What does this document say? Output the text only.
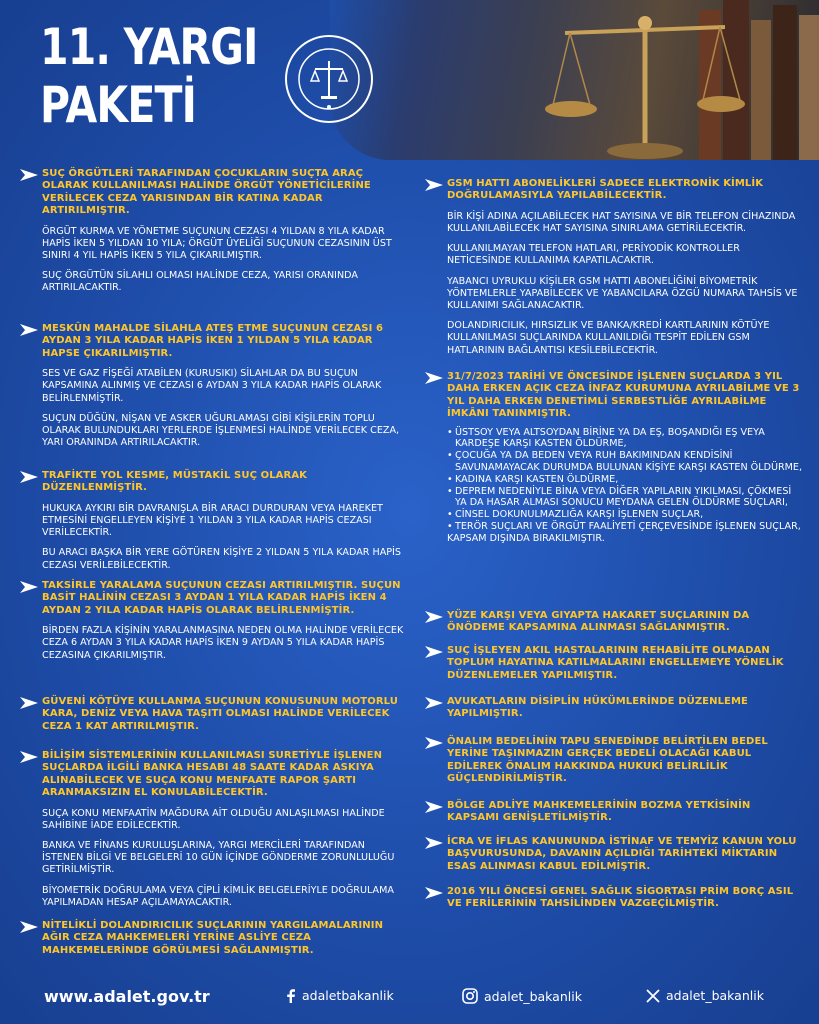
11. YARGI
PAKETİ
SUÇ ÖRGÜTLERİ TARAFINDAN ÇOCUKLARIN SUÇTA ARAÇ OLARAK KULLANILMASI HALİNDE ÖRGÜT YÖNETİCİLERİNE VERİLECEK CEZA YARISINDAN BİR KATINA KADAR ARTIRILMIŞTIR.
ÖRGÜT KURMA VE YÖNETME SUÇUNUN CEZASI 4 YILDAN 8 YILA KADAR HAPİS İKEN 5 YILDAN 10 YILA; ÖRGÜT ÜYELİĞİ SUÇUNUN CEZASININ ÜST SINIRI 4 YIL HAPİS İKEN 5 YILA ÇIKARILMIŞTIR.
SUÇ ÖRGÜTÜN SİLAHLI OLMASI HALİNDE CEZA, YARISI ORANINDA ARTIRILACAKTIR.
MESKÛN MAHALDE SİLAHLA ATEŞ ETME SUÇUNUN CEZASI 6 AYDAN 3 YILA KADAR HAPİS İKEN 1 YILDAN 5 YILA KADAR HAPSE ÇIKARILMIŞTIR.
SES VE GAZ FİŞEĞİ ATABİLEN (KURUSIKI) SİLAHLAR DA BU SUÇUN KAPSAMINA ALINMIŞ VE CEZASI 6 AYDAN 3 YILA KADAR HAPİS OLARAK BELİRLENMİŞTİR.
SUÇUN DÜĞÜN, NİŞAN VE ASKER UĞURLAMASI GİBİ KİŞİLERİN TOPLU OLARAK BULUNDUKLARI YERLERDE İŞLENMESİ HALİNDE VERİLECEK CEZA, YARI ORANINDA ARTIRILACAKTIR.
TRAFİKTE YOL KESME, MÜSTAKİL SUÇ OLARAK DÜZENLENMİŞTİR.
HUKUKA AYKIRI BİR DAVRANIŞLA BİR ARACI DURDURAN VEYA HAREKET ETMESİNİ ENGELLEYEN KİŞİYE 1 YILDAN 3 YILA KADAR HAPİS CEZASI VERİLECEKTİR.
BU ARACI BAŞKA BİR YERE GÖTÜREN KİŞİYE 2 YILDAN 5 YILA KADAR HAPİS CEZASI VERİLEBİLECEKTİR.
TAKSİRLE YARALAMA SUÇUNUN CEZASI ARTIRILMIŞTIR. SUÇUN BASİT HALİNİN CEZASI 3 AYDAN 1 YILA KADAR HAPİS İKEN 4 AYDAN 2 YILA KADAR HAPİS OLARAK BELİRLENMİŞTİR.
BİRDEN FAZLA KİŞİNİN YARALANMASINA NEDEN OLMA HALİNDE VERİLECEK CEZA 6 AYDAN 3 YILA KADAR HAPİS İKEN 9 AYDAN 5 YILA KADAR HAPİS CEZASINA ÇIKARILMIŞTIR.
GÜVENİ KÖTÜYE KULLANMA SUÇUNUN KONUSUNUN MOTORLU KARA, DENİZ VEYA HAVA TAŞITI OLMASI HALİNDE VERİLECEK CEZA 1 KAT ARTIRILMIŞTIR.
BİLİŞİM SİSTEMLERİNİN KULLANILMASI SURETİYLE İŞLENEN SUÇLARDA İLGİLİ BANKA HESABI 48 SAATE KADAR ASKIYA ALINABİLECEK VE SUÇA KONU MENFAATE RAPOR ŞARTI ARANMAKSIZIN EL KONULABİLECEKTİR.
SUÇA KONU MENFAATİN MAĞDURA AİT OLDUĞU ANLAŞILMASI HALİNDE SAHİBİNE İADE EDİLECEKTİR.
BANKA VE FİNANS KURULUŞLARINA, YARGI MERCİLERİ TARAFINDAN İSTENEN BİLGİ VE BELGELERİ 10 GÜN İÇİNDE GÖNDERME ZORUNLULUĞU GETİRİLMİŞTİR.
BİYOMETRİK DOĞRULAMA VEYA ÇİPLİ KİMLİK BELGELERİYLE DOĞRULAMA YAPILMADAN HESAP AÇILAMAYACAKTIR.
NİTELİKLİ DOLANDIRICILIK SUÇLARININ YARGILAMALARININ AĞIR CEZA MAHKEMELERİ YERİNE ASLİYE CEZA MAHKEMELERİNDE GÖRÜLMESİ SAĞLANMIŞTIR.
GSM HATTI ABONELİKLERİ SADECE ELEKTRONİK KİMLİK DOĞRULAMASIYLA YAPILABİLECEKTİR.
BİR KİŞİ ADINA AÇILABİLECEK HAT SAYISINA VE BİR TELEFON CİHAZINDA KULLANILABİLECEK HAT SAYISINA SINIRLAMA GETİRİLECEKTİR.
KULLANILMAYAN TELEFON HATLARI, PERİYODİK KONTROLLER NETİCESİNDE KULLANIMA KAPATILACAKTIR.
YABANCI UYRUKLU KİŞİLER GSM HATTI ABONELİĞİNİ BİYOMETRİK YÖNTEMLERLE YAPABİLECEK VE YABANCILARA ÖZGÜ NUMARA TAHSİS VE KULLANIMI SAĞLANACAKTIR.
DOLANDIRICILIK, HIRSIZLIK VE BANKA/KREDİ KARTLARININ KÖTÜYE KULLANILMASI SUÇLARINDA KULLANILDIĞI TESPİT EDİLEN GSM HATLARININ BAĞLANTISI KESİLEBİLECEKTİR.
31/7/2023 TARİHİ VE ÖNCESİNDE İŞLENEN SUÇLARDA 3 YIL DAHA ERKEN AÇIK CEZA İNFAZ KURUMUNA AYRILABİLME VE 3 YIL DAHA ERKEN DENETİMLİ SERBESTLİĞE AYRILABİLME İMKÂNI TANINMIŞTIR.
• ÜSTSOY VEYA ALTSOYDAN BİRİNE YA DA EŞ, BOŞANDIĞI EŞ VEYA KARDEŞE KARŞI KASTEN ÖLDÜRME,
• ÇOCUĞA YA DA BEDEN VEYA RUH BAKIMINDAN KENDİSİNİ SAVUNAMAYACAK DURUMDA BULUNAN KİŞİYE KARŞI KASTEN ÖLDÜRME,
• KADINA KARŞI KASTEN ÖLDÜRME,
• DEPREM NEDENİYLE BİNA VEYA DİĞER YAPILARIN YIKILMASI, ÇÖKMESİ YA DA HASAR ALMASI SONUCU MEYDANA GELEN ÖLDÜRME SUÇLARI,
• CİNSEL DOKUNULMAZLIĞA KARŞI İŞLENEN SUÇLAR,
• TERÖR SUÇLARI VE ÖRGÜT FAALİYETİ ÇERÇEVESİNDE İŞLENEN SUÇLAR,
KAPSAM DIŞINDA BIRAKILMIŞTIR.
YÜZE KARŞI VEYA GIYAPTA HAKARET SUÇLARININ DA ÖNÖDEME KAPSAMINA ALINMASI SAĞLANMIŞTIR.
SUÇ İŞLEYEN AKIL HASTALARININ REHABİLİTE OLMADAN TOPLUM HAYATINA KATILMALARINI ENGELLEMEYE YÖNELİK DÜZENLEMELER YAPILMIŞTIR.
AVUKATLARIN DİSİPLİN HÜKÜMLERİNDE DÜZENLEME YAPILMIŞTIR.
ÖNALIM BEDELİNİN TAPU SENEDİNDE BELİRTİLEN BEDEL YERİNE TAŞINMAZIN GERÇEK BEDELİ OLACAĞI KABUL EDİLEREK ÖNALIM HAKKINDA HUKUKİ BELİRLİLİK GÜÇLENDİRİLMİŞTİR.
BÖLGE ADLİYE MAHKEMELERİNİN BOZMA YETKİSİNİN KAPSAMI GENİŞLETİLMİŞTİR.
İCRA VE İFLAS KANUNUNDA İSTİNAF VE TEMYİZ KANUN YOLU BAŞVURUSUNDA, DAVANIN AÇILDIĞI TARİHTEKİ MİKTARIN ESAS ALINMASI KABUL EDİLMİŞTİR.
2016 YILI ÖNCESİ GENEL SAĞLIK SİGORTASI PRİM BORÇ ASIL VE FERİLERİNİN TAHSİLİNDEN VAZGEÇİLMİŞTİR.
www.adalet.gov.tr	adaletbakanlik	adalet_bakanlik	adalet_bakanlik
